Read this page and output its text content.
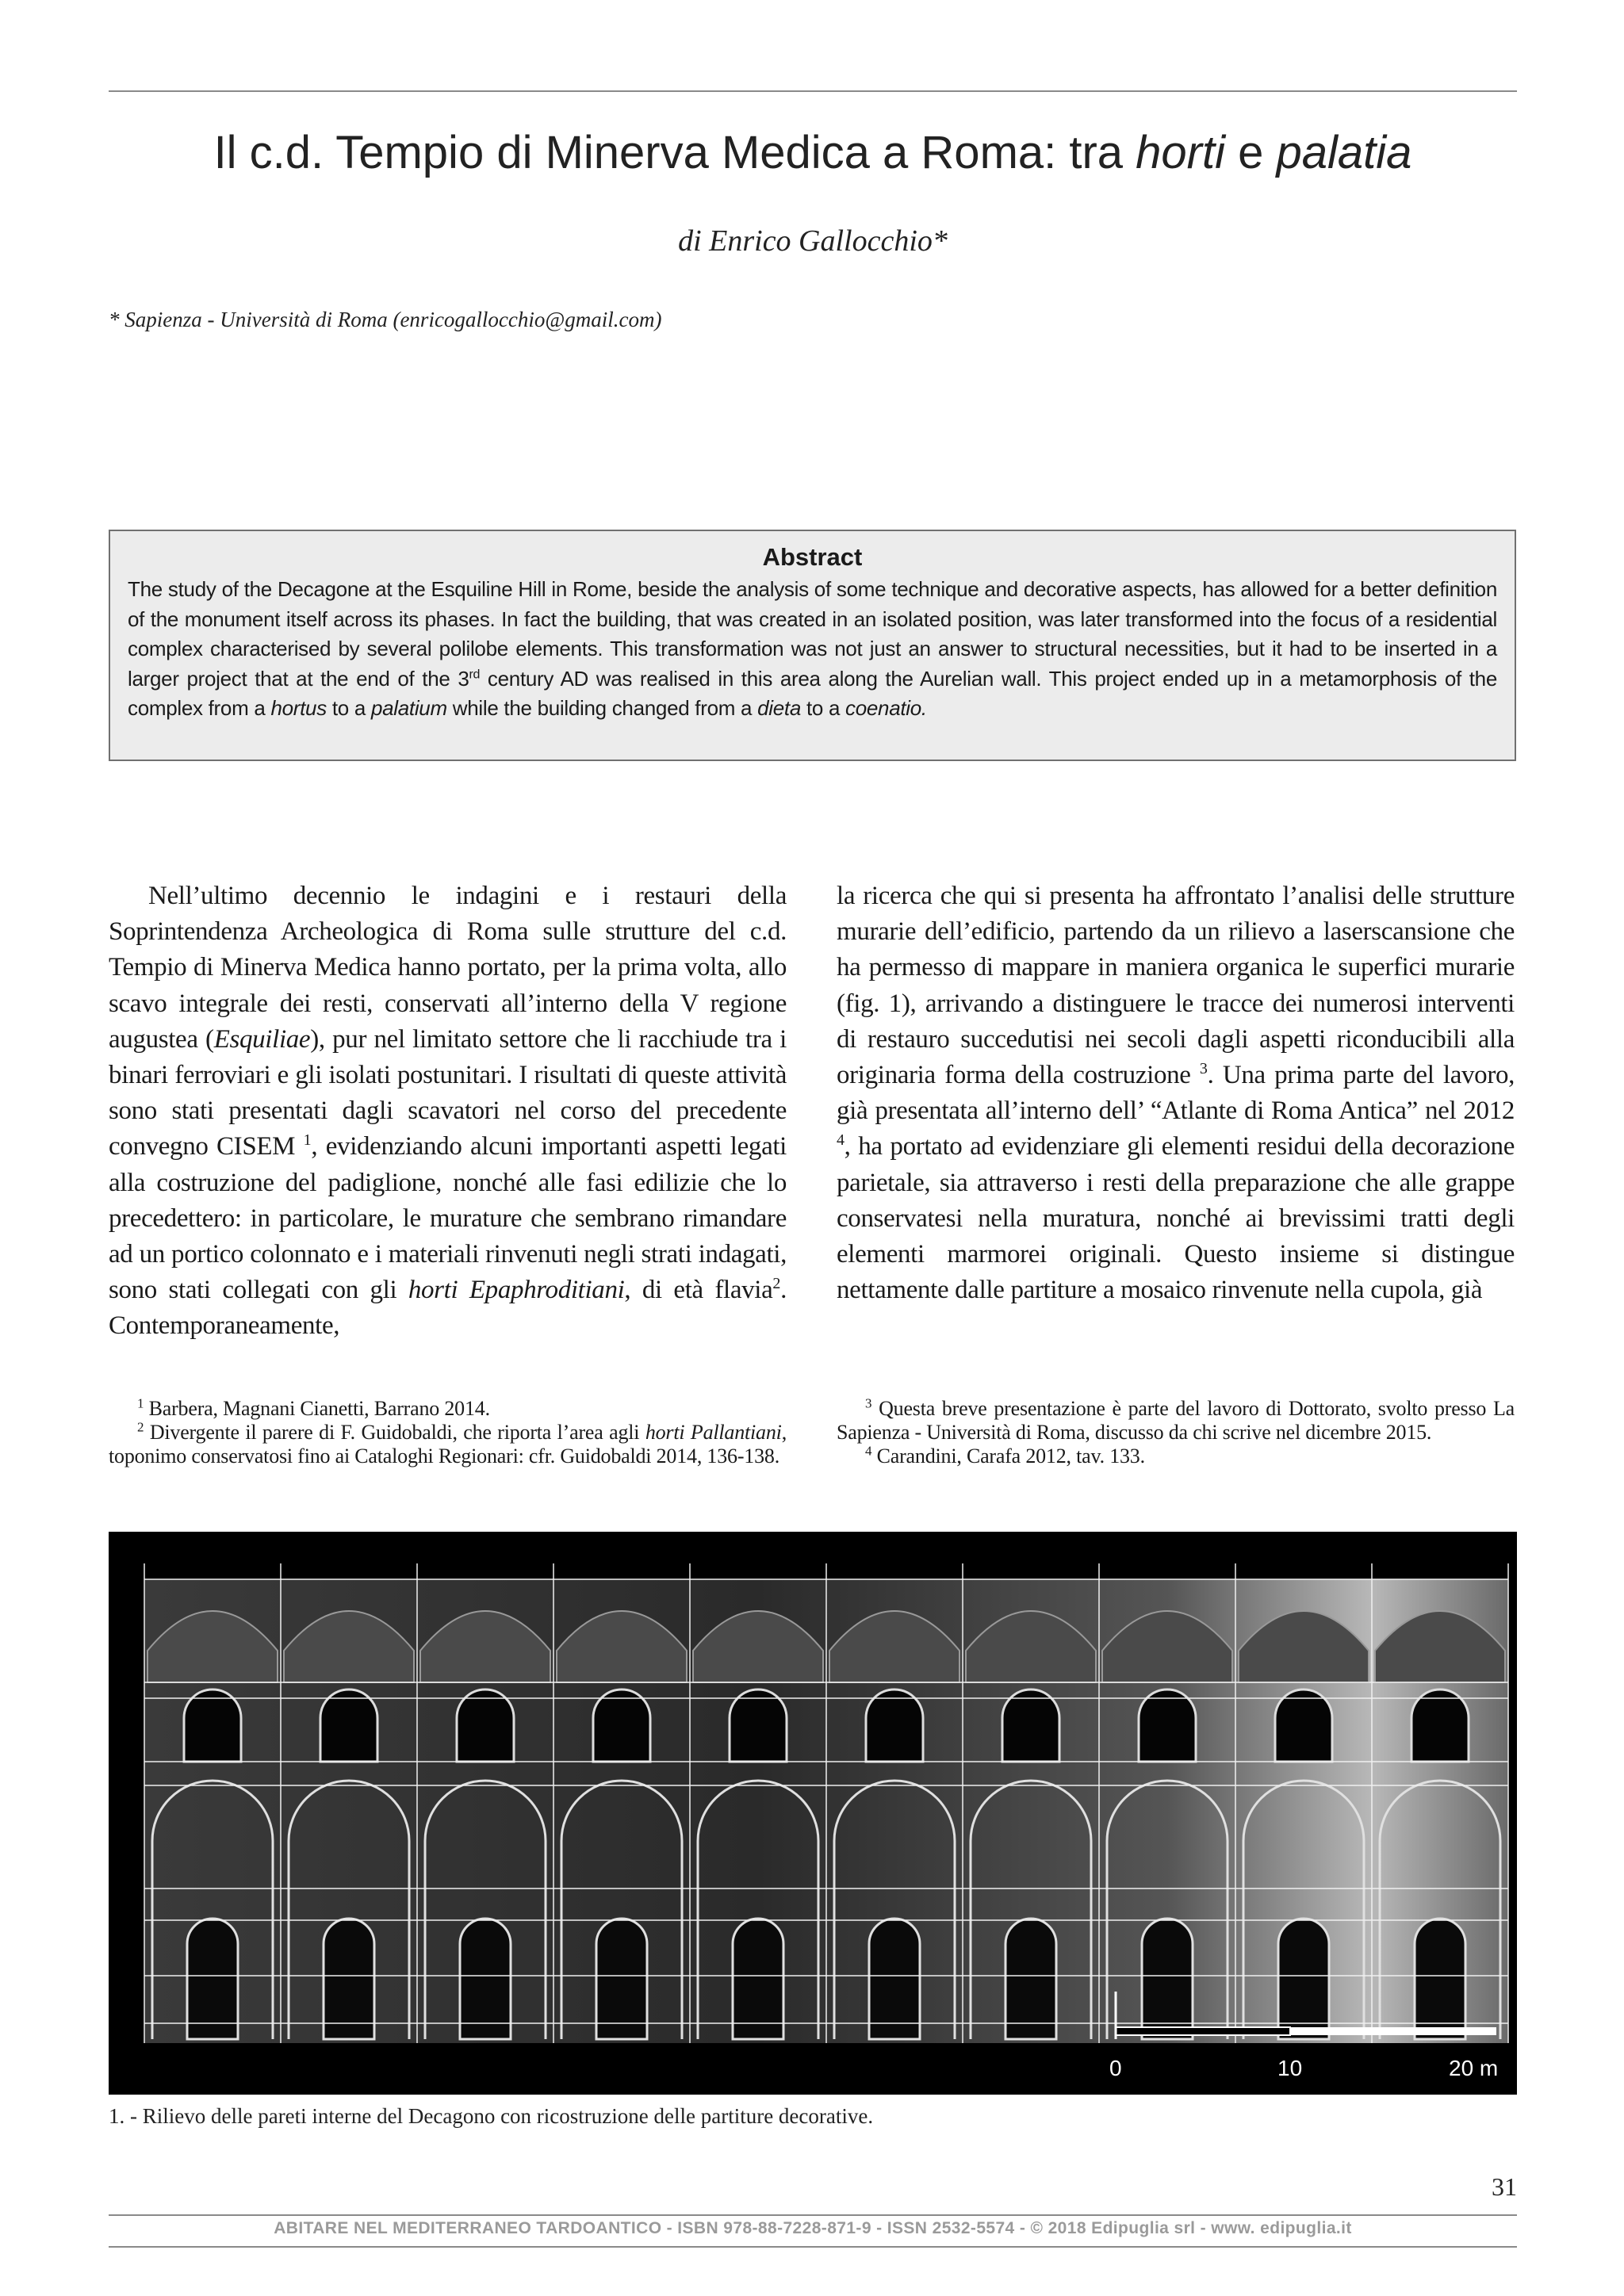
Il c.d. Tempio di Minerva Medica a Roma: tra horti e palatia
di Enrico Gallocchio*
* Sapienza - Università di Roma (enricogallocchio@gmail.com)
Abstract
The study of the Decagone at the Esquiline Hill in Rome, beside the analysis of some technique and decorative aspects, has allowed for a better definition of the monument itself across its phases. In fact the building, that was created in an isolated position, was later transformed into the focus of a residential complex characterised by several polilobe elements. This transformation was not just an answer to structural necessities, but it had to be inserted in a larger project that at the end of the 3rd century AD was realised in this area along the Aurelian wall. This project ended up in a metamorphosis of the complex from a hortus to a palatium while the building changed from a dieta to a coenatio.

Nell’ultimo decennio le indagini e i restauri della Soprintendenza Archeologica di Roma sulle strutture del c.d. Tempio di Minerva Medica hanno portato, per la prima volta, allo scavo integrale dei resti, conservati all’interno della V regione augustea (Esquiliae), pur nel limitato settore che li racchiude tra i binari ferroviari e gli isolati postunitari. I risultati di queste attività sono stati presentati dagli scavatori nel corso del precedente convegno CISEM $^1$, evidenziando alcuni importanti aspetti legati alla costruzione del padiglione, nonché alle fasi edilizie che lo precedettero: in particolare, le murature che sembrano rimandare ad un portico colonnato e i materiali rinvenuti negli strati indagati, sono stati collegati con gli horti Epaphroditiani, di età flavia$^2$. Contemporaneamente,

la ricerca che qui si presenta ha affrontato l’analisi delle strutture murarie dell’edificio, partendo da un rilievo a laserscansione che ha permesso di mappare in maniera organica le superfici murarie (fig. 1), arrivando a distinguere le tracce dei numerosi interventi di restauro succedutisi nei secoli dagli aspetti riconducibili alla originaria forma della costruzione $^3$. Una prima parte del lavoro, già presentata all’interno dell’ “Atlante di Roma Antica” nel 2012 $^4$, ha portato ad evidenziare gli elementi residui della decorazione parietale, sia attraverso i resti della preparazione che alle grappe conservatesi nella muratura, nonché ai brevissimi tratti degli elementi marmorei originali. Questo insieme si distingue nettamente dalle partiture a mosaico rinvenute nella cupola, già

$^1$ Barbera, Magnani Cianetti, Barrano 2014.

$^2$ Divergente il parere di F. Guidobaldi, che riporta l’area agli horti Pallantiani, toponimo conservatosi fino ai Cataloghi Regionari: cfr. Guidobaldi 2014, 136-138.

$^3$ Questa breve presentazione è parte del lavoro di Dottorato, svolto presso La Sapienza - Università di Roma, discusso da chi scrive nel dicembre 2015.

$^4$ Carandini, Carafa 2012, tav. 133.

0	10	20 m
1. - Rilievo delle pareti interne del Decagono con ricostruzione delle partiture decorative.
31
ABITARE NEL MEDITERRANEO TARDOANTICO - ISBN 978-88-7228-871-9 - ISSN 2532-5574 - © 2018 Edipuglia srl - www. edipuglia.it
